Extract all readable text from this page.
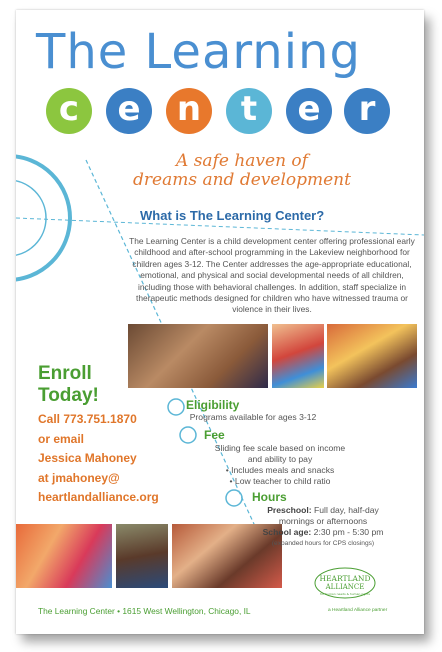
The Learning
c	e	n	t	e	r
A safe haven of
dreams and development
What is The Learning Center?
The Learning Center is a child development center offering professional early childhood and after-school programming in the Lakeview neighborhood for children ages 3-12. The Center addresses the age-appropriate educational, emotional, and physical and social developmental needs of all children, including those with behavioral challenges. In addition, staff specialize in therapeutic methods designed for children who have witnessed trauma or violence in their lives.
Enroll
Today!
Call 773.751.1870
or email
Jessica Mahoney
at jmahoney@
heartlandalliance.org
Eligibility
Programs available for ages 3-12
Fee
Sliding fee scale based on income
and ability to pay
• Includes meals and snacks
• Low teacher to child ratio
Hours
Preschool: Full day, half-day
mornings or afternoons
School age: 2:30 pm - 5:30 pm
(expanded hours for CPS closings)
HEARTLAND
ALLIANCE
for human needs & human rights
The Learning Center • 1615 West Wellington, Chicago, IL	a Heartland Alliance partner
